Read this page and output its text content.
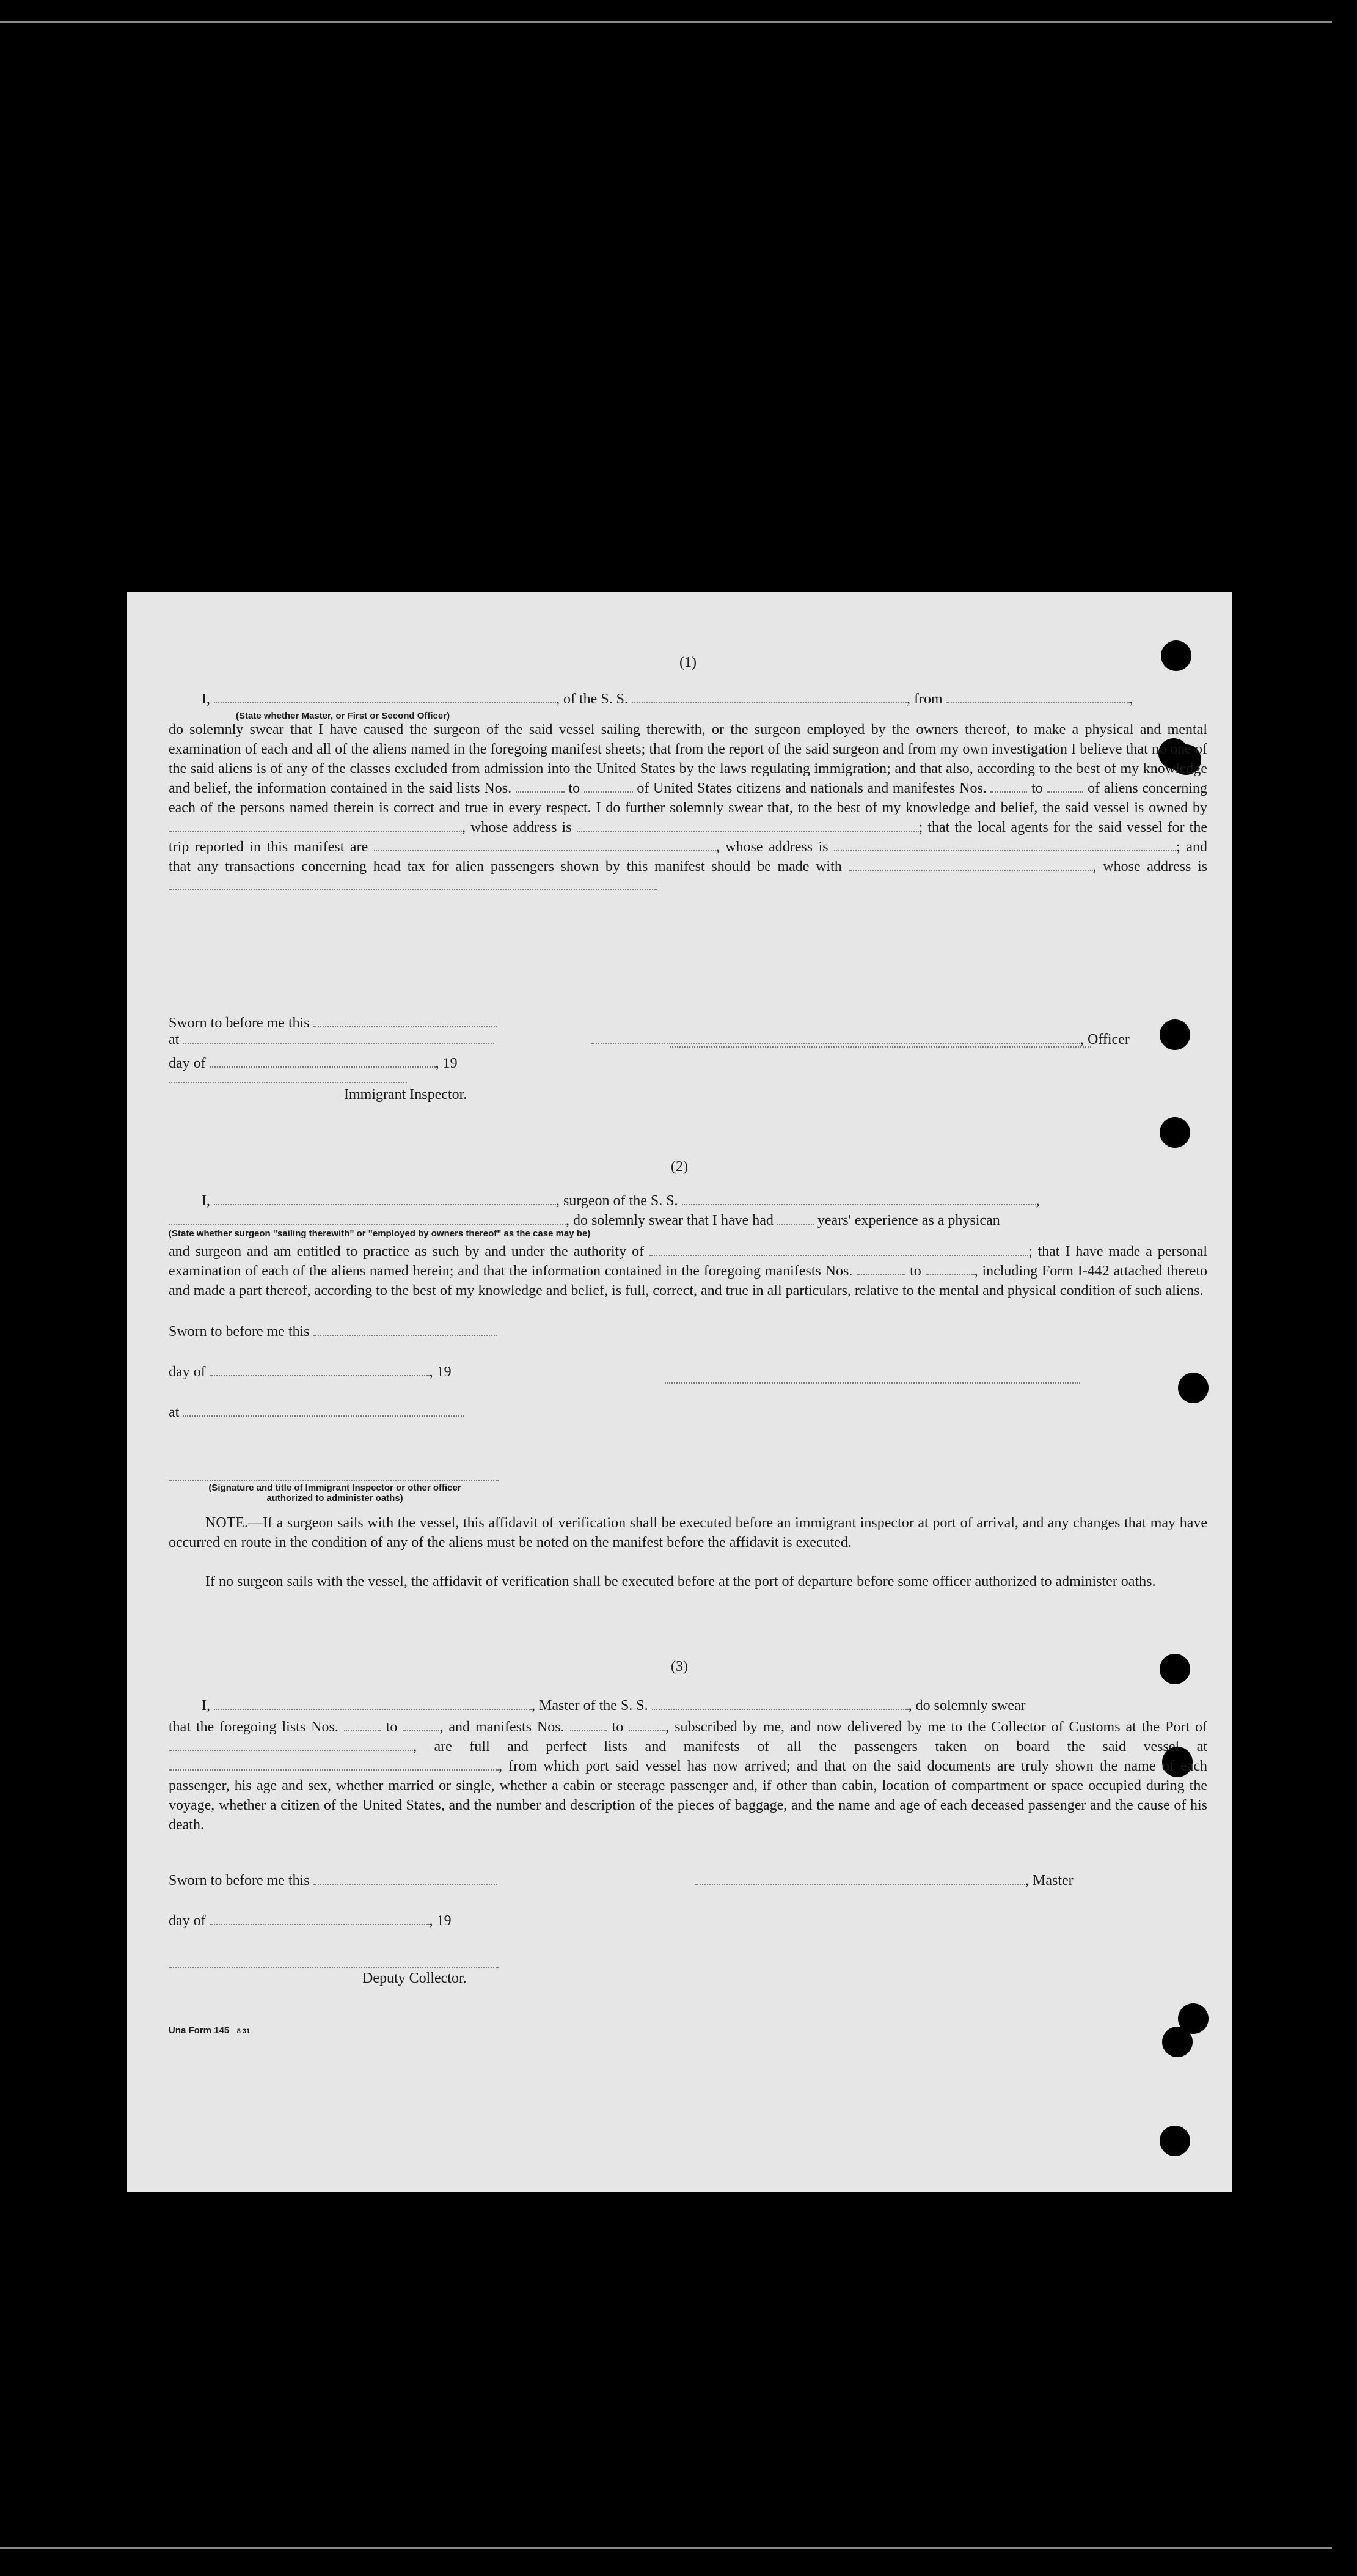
(1)
I,	, of the S. S.	, from	,
(State whether Master, or First or Second Officer)

do solemnly swear that I have caused the surgeon of the said vessel sailing therewith, or the surgeon employed by the owners thereof, to make a physical and mental examination of each and all of the aliens named in the foregoing manifest sheets; that from the report of the said surgeon and from my own investigation I believe that no one of the said aliens is of any of the classes excluded from admission into the United States by the laws regulating immigration; and that also, according to the best of my knowledge and belief, the information contained in the said lists Nos.	to	of United States citizens and nationals and manifestes Nos.	to	of aliens concerning each of the persons named therein is correct and true in every respect. I do further solemnly swear that, to the best of my knowledge and belief, the said vessel is owned by , whose address is	; that the local agents for the said vessel for the trip reported in this manifest are	, whose address is	; and that any transactions concerning head tax for alien passengers shown by this manifest should be made with	, whose address is

Sworn to before me this
day of	, 19
at	, Officer
Immigrant Inspector.
(2)
I,	, surgeon of the S. S.	,
, do solemnly swear that I have had	years' experience as a physican
(State whether surgeon "sailing therewith" or "employed by owners thereof" as the case may be)

and surgeon and am entitled to practice as such by and under the authority of	; that I have made a personal examination of each of the aliens named herein; and that the information contained in the foregoing manifests Nos.	to	, including Form I-442 attached thereto and made a part thereof, according to the best of my knowledge and belief, is full, correct, and true in all particulars, relative to the mental and physical condition of such aliens.

Sworn to before me this
day of	, 19
at
(Signature and title of Immigrant Inspector or other officer authorized to administer oaths)

NOTE.—If a surgeon sails with the vessel, this affidavit of verification shall be executed before an immigrant inspector at port of arrival, and any changes that may have occurred en route in the condition of any of the aliens must be noted on the manifest before the affidavit is executed.

If no surgeon sails with the vessel, the affidavit of verification shall be executed before at the port of departure before some officer authorized to administer oaths.

(3)
I,	, Master of the S. S.	, do solemnly swear

that the foregoing lists Nos.	to	, and manifests Nos.	to	, subscribed by me, and now delivered by me to the Collector of Customs at the Port of , are full and perfect lists and manifests of all the passengers taken on board the said vessel at , from which port said vessel has now arrived; and that on the said documents are truly shown the name of each passenger, his age and sex, whether married or single, whether a cabin or steerage passenger and, if other than cabin, location of compartment or space occupied during the voyage, whether a citizen of the United States, and the number and description of the pieces of baggage, and the name and age of each deceased passenger and the cause of his death.

Sworn to before me this	, Master
day of	, 19
Deputy Collector.
Una Form 145 8 31
